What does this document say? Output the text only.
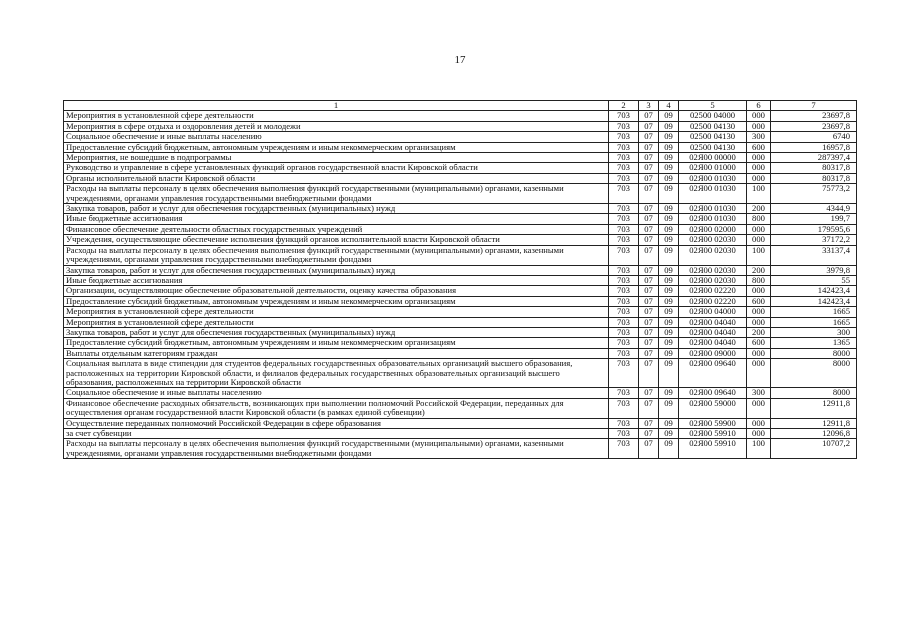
17
1	2	3	4	5	6	7
Мероприятия в установленной сфере деятельности	703	07	09	02500 04000	000	23697,8
Мероприятия в сфере отдыха и оздоровления детей и молодежи	703	07	09	02500 04130	000	23697,8
Социальное обеспечение и иные выплаты населению	703	07	09	02500 04130	300	6740
Предоставление субсидий бюджетным, автономным учреждениям и иным некоммерческим организациям	703	07	09	02500 04130	600	16957,8
Мероприятия, не вошедшие в подпрограммы	703	07	09	02Я00 00000	000	287397,4
Руководство и управление в сфере установленных функций органов государственной власти Кировской области	703	07	09	02Я00 01000	000	80317,8
Органы исполнительной власти Кировской области	703	07	09	02Я00 01030	000	80317,8
Расходы на выплаты персоналу в целях обеспечения выполнения функций государственными (муниципальными) органами, казенными учреждениями, органами управления государственными внебюджетными фондами	703	07	09	02Я00 01030	100	75773,2
Закупка товаров, работ и услуг для обеспечения государственных (муниципальных) нужд	703	07	09	02Я00 01030	200	4344,9
Иные бюджетные ассигнования	703	07	09	02Я00 01030	800	199,7
Финансовое обеспечение деятельности областных государственных учреждений	703	07	09	02Я00 02000	000	179595,6
Учреждения, осуществляющие обеспечение исполнения функций органов исполнительной власти Кировской области	703	07	09	02Я00 02030	000	37172,2
Расходы на выплаты персоналу в целях обеспечения выполнения функций государственными (муниципальными) органами, казенными учреждениями, органами управления государственными внебюджетными фондами	703	07	09	02Я00 02030	100	33137,4
Закупка товаров, работ и услуг для обеспечения государственных (муниципальных) нужд	703	07	09	02Я00 02030	200	3979,8
Иные бюджетные ассигнования	703	07	09	02Я00 02030	800	55
Организации, осуществляющие обеспечение образовательной деятельности, оценку качества образования	703	07	09	02Я00 02220	000	142423,4
Предоставление субсидий бюджетным, автономным учреждениям и иным некоммерческим организациям	703	07	09	02Я00 02220	600	142423,4
Мероприятия в установленной сфере деятельности	703	07	09	02Я00 04000	000	1665
Мероприятия в установленной сфере деятельности	703	07	09	02Я00 04040	000	1665
Закупка товаров, работ и услуг для обеспечения государственных (муниципальных) нужд	703	07	09	02Я00 04040	200	300
Предоставление субсидий бюджетным, автономным учреждениям и иным некоммерческим организациям	703	07	09	02Я00 04040	600	1365
Выплаты отдельным категориям граждан	703	07	09	02Я00 09000	000	8000
Социальная выплата в виде стипендии для студентов федеральных государственных образовательных организаций высшего образования, расположенных на территории Кировской области, и филиалов федеральных государственных образовательных организаций высшего образования, расположенных на территории Кировской области	703	07	09	02Я00 09640	000	8000
Социальное обеспечение и иные выплаты населению	703	07	09	02Я00 09640	300	8000
Финансовое обеспечение расходных обязательств, возникающих при выполнении полномочий Российской Федерации, переданных для осуществления органам государственной власти Кировской области (в рамках единой субвенции)	703	07	09	02Я00 59000	000	12911,8
Осуществление переданных полномочий Российской Федерации в сфере образования	703	07	09	02Я00 59900	000	12911,8
за счет субвенции	703	07	09	02Я00 59910	000	12096,8
Расходы на выплаты персоналу в целях обеспечения выполнения функций государственными (муниципальными) органами, казенными учреждениями, органами управления государственными внебюджетными фондами	703	07	09	02Я00 59910	100	10707,2
